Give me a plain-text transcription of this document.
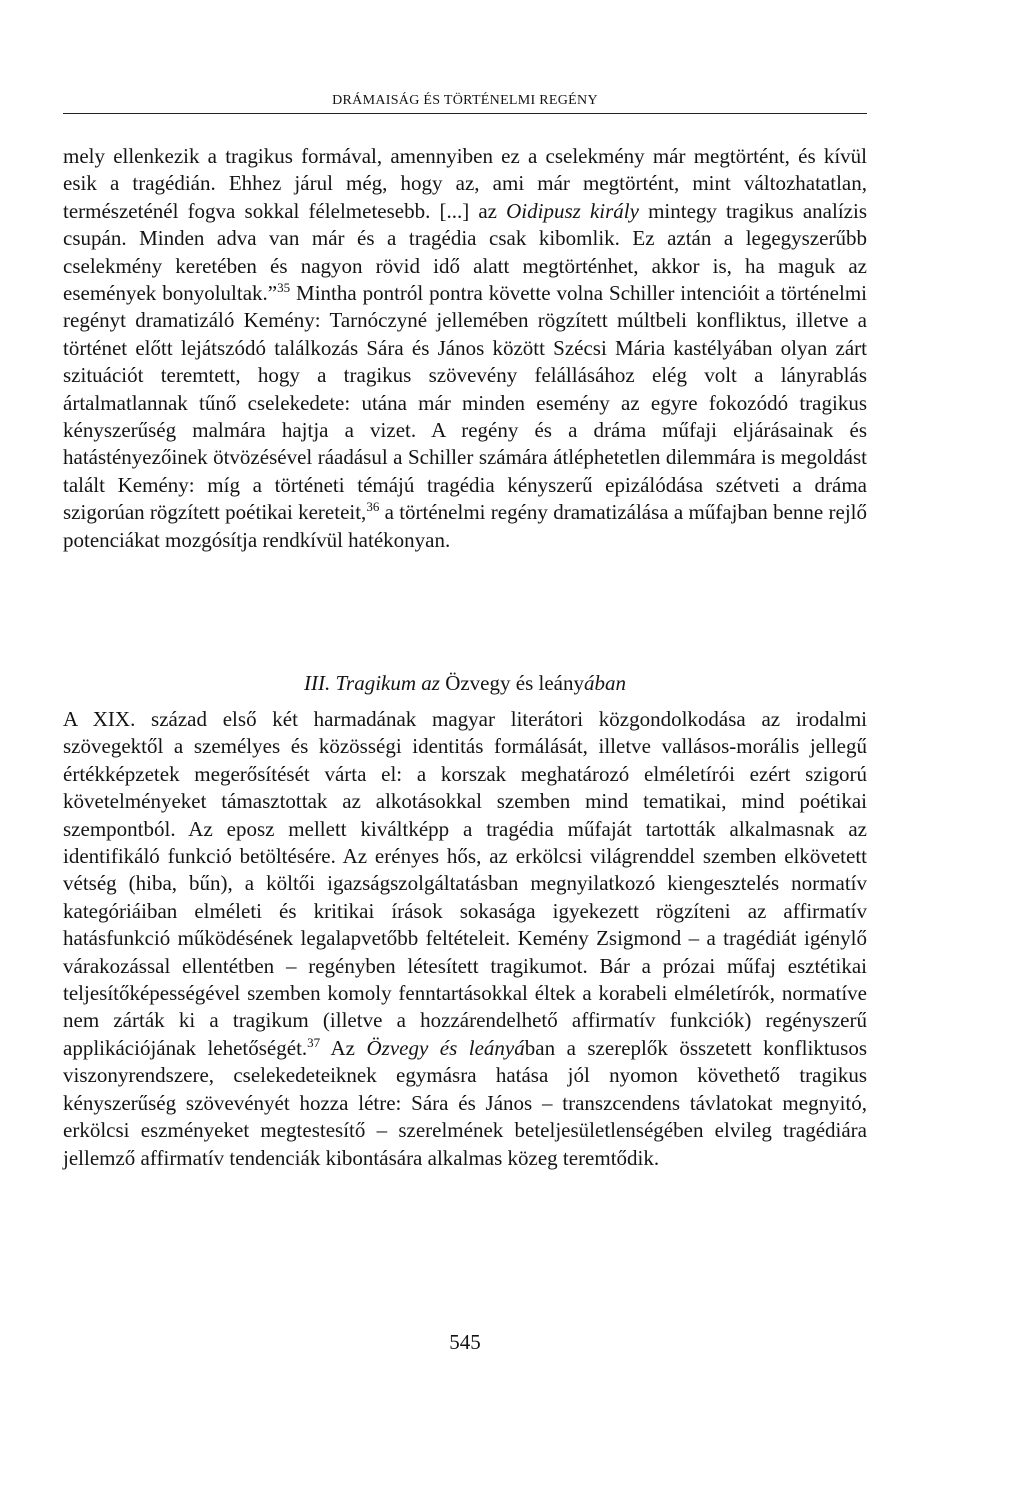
DRÁMAISÁG ÉS TÖRTÉNELMI REGÉNY

mely ellenkezik a tragikus formával, amennyiben ez a cselekmény már megtörtént, és kívül esik a tragédián. Ehhez járul még, hogy az, ami már megtörtént, mint változhatatlan, természeténél fogva sokkal félelmetesebb. [...] az Oidipusz király mintegy tragikus analízis csupán. Minden adva van már és a tragédia csak kibomlik. Ez aztán a legegyszerűbb cselekmény keretében és nagyon rövid idő alatt megtörténhet, akkor is, ha maguk az események bonyolultak.”$^{35}$ Mintha pontról pontra követte volna Schiller intencióit a történelmi regényt dramatizáló Kemény: Tarnóczyné jellemében rögzített múltbeli konfliktus, illetve a történet előtt lejátszódó találkozás Sára és János között Szécsi Mária kastélyában olyan zárt szituációt teremtett, hogy a tragikus szövevény felállásához elég volt a lányrablás ártalmatlannak tűnő cselekedete: utána már minden esemény az egyre fokozódó tragikus kényszerűség malmára hajtja a vizet. A regény és a dráma műfaji eljárásainak és hatástényezőinek ötvözésével ráadásul a Schiller számára átléphetetlen dilemmára is megoldást talált Kemény: míg a történeti témájú tragédia kényszerű epizálódása szétveti a dráma szigorúan rögzített poétikai kereteit,$^{36}$ a történelmi regény dramatizálása a műfajban benne rejlő potenciákat mozgósítja rendkívül hatékonyan.

III. Tragikum az Özvegy és leányában

A XIX. század első két harmadának magyar literátori közgondolkodása az irodalmi szövegektől a személyes és közösségi identitás formálását, illetve vallásos-morális jellegű értékképzetek megerősítését várta el: a korszak meghatározó elméletírói ezért szigorú követelményeket támasztottak az alkotásokkal szemben mind tematikai, mind poétikai szempontból. Az eposz mellett kiváltképp a tragédia műfaját tartották alkalmasnak az identifikáló funkció betöltésére. Az erényes hős, az erkölcsi világrenddel szemben elkövetett vétség (hiba, bűn), a költői igazságszolgáltatásban megnyilatkozó kiengesztelés normatív kategóriáiban elméleti és kritikai írások sokasága igyekezett rögzíteni az affirmatív hatásfunkció működésének legalapvetőbb feltételeit. Kemény Zsigmond – a tragédiát igénylő várakozással ellentétben – regényben létesített tragikumot. Bár a prózai műfaj esztétikai teljesítőképességével szemben komoly fenntartásokkal éltek a korabeli elméletírók, normatíve nem zárták ki a tragikum (illetve a hozzárendelhető affirmatív funkciók) regényszerű applikációjának lehetőségét.$^{37}$ Az Özvegy és leányában a szereplők összetett konfliktusos viszonyrendszere, cselekedeteiknek egymásra hatása jól nyomon követhető tragikus kényszerűség szövevényét hozza létre: Sára és János – transzcendens távlatokat megnyitó, erkölcsi eszményeket megtestesítő – szerelmének beteljesületlenségében elvileg tragédiára jellemző affirmatív tendenciák kibontására alkalmas közeg teremtődik.

545
